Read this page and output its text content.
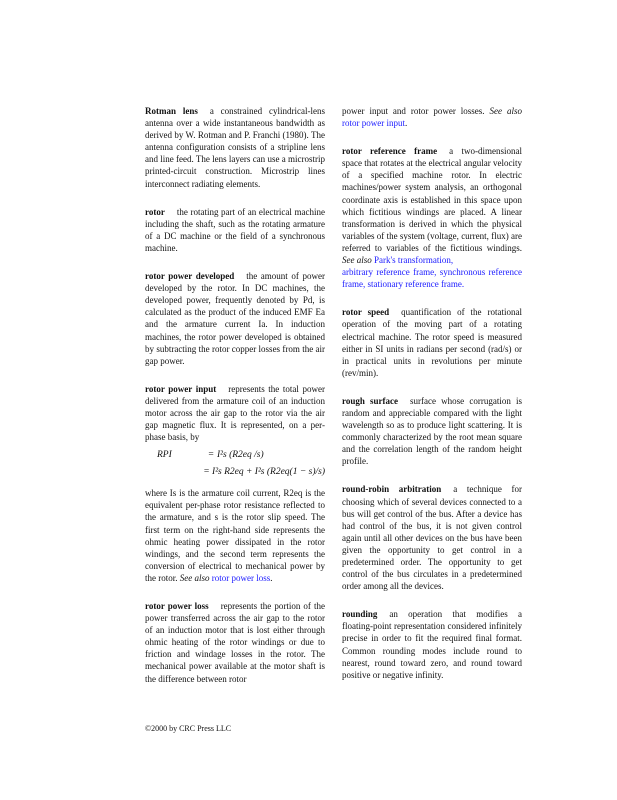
Rotman lens a constrained cylindrical-lens antenna over a wide instantaneous bandwidth as derived by W. Rotman and P. Franchi (1980). The antenna configuration consists of a stripline lens and line feed. The lens layers can use a microstrip printed-circuit construction. Microstrip lines interconnect radiating elements.

rotor the rotating part of an electrical machine including the shaft, such as the rotating armature of a DC machine or the field of a synchronous machine.

rotor power developed the amount of power developed by the rotor. In DC machines, the developed power, frequently denoted by Pd, is calculated as the product of the induced EMF Ea and the armature current Ia. In induction machines, the rotor power developed is obtained by subtracting the rotor copper losses from the air gap power.

rotor power input represents the total power delivered from the armature coil of an induction motor across the air gap to the rotor via the air gap magnetic flux. It is represented, on a per-phase basis, by
RPI	= I²s (R2eq /s)
= I²s R2eq + I²s (R2eq(1 − s)/s)
where Is is the armature coil current, R2eq is the equivalent per-phase rotor resistance reflected to the armature, and s is the rotor slip speed. The first term on the right-hand side represents the ohmic heating power dissipated in the rotor windings, and the second term represents the conversion of electrical to mechanical power by the rotor. See also rotor power loss.

rotor power loss represents the portion of the power transferred across the air gap to the rotor of an induction motor that is lost either through ohmic heating of the rotor windings or due to friction and windage losses in the rotor. The mechanical power available at the motor shaft is the difference between rotor

power input and rotor power losses. See also rotor power input.

rotor reference frame a two-dimensional space that rotates at the electrical angular velocity of a specified machine rotor. In electric machines/power system analysis, an orthogonal coordinate axis is established in this space upon which fictitious windings are placed. A linear transformation is derived in which the physical variables of the system (voltage, current, flux) are referred to variables of the fictitious windings. See also Park's transformation,
arbitrary reference frame, synchronous reference frame, stationary reference frame.

rotor speed quantification of the rotational operation of the moving part of a rotating electrical machine. The rotor speed is measured either in SI units in radians per second (rad/s) or in practical units in revolutions per minute (rev/min).

rough surface surface whose corrugation is random and appreciable compared with the light wavelength so as to produce light scattering. It is commonly characterized by the root mean square and the correlation length of the random height profile.

round-robin arbitration a technique for choosing which of several devices connected to a bus will get control of the bus. After a device has had control of the bus, it is not given control again until all other devices on the bus have been given the opportunity to get control in a predetermined order. The opportunity to get control of the bus circulates in a predetermined order among all the devices.

rounding an operation that modifies a floating-point representation considered infinitely precise in order to fit the required final format. Common rounding modes include round to nearest, round toward zero, and round toward positive or negative infinity.

©2000 by CRC Press LLC
